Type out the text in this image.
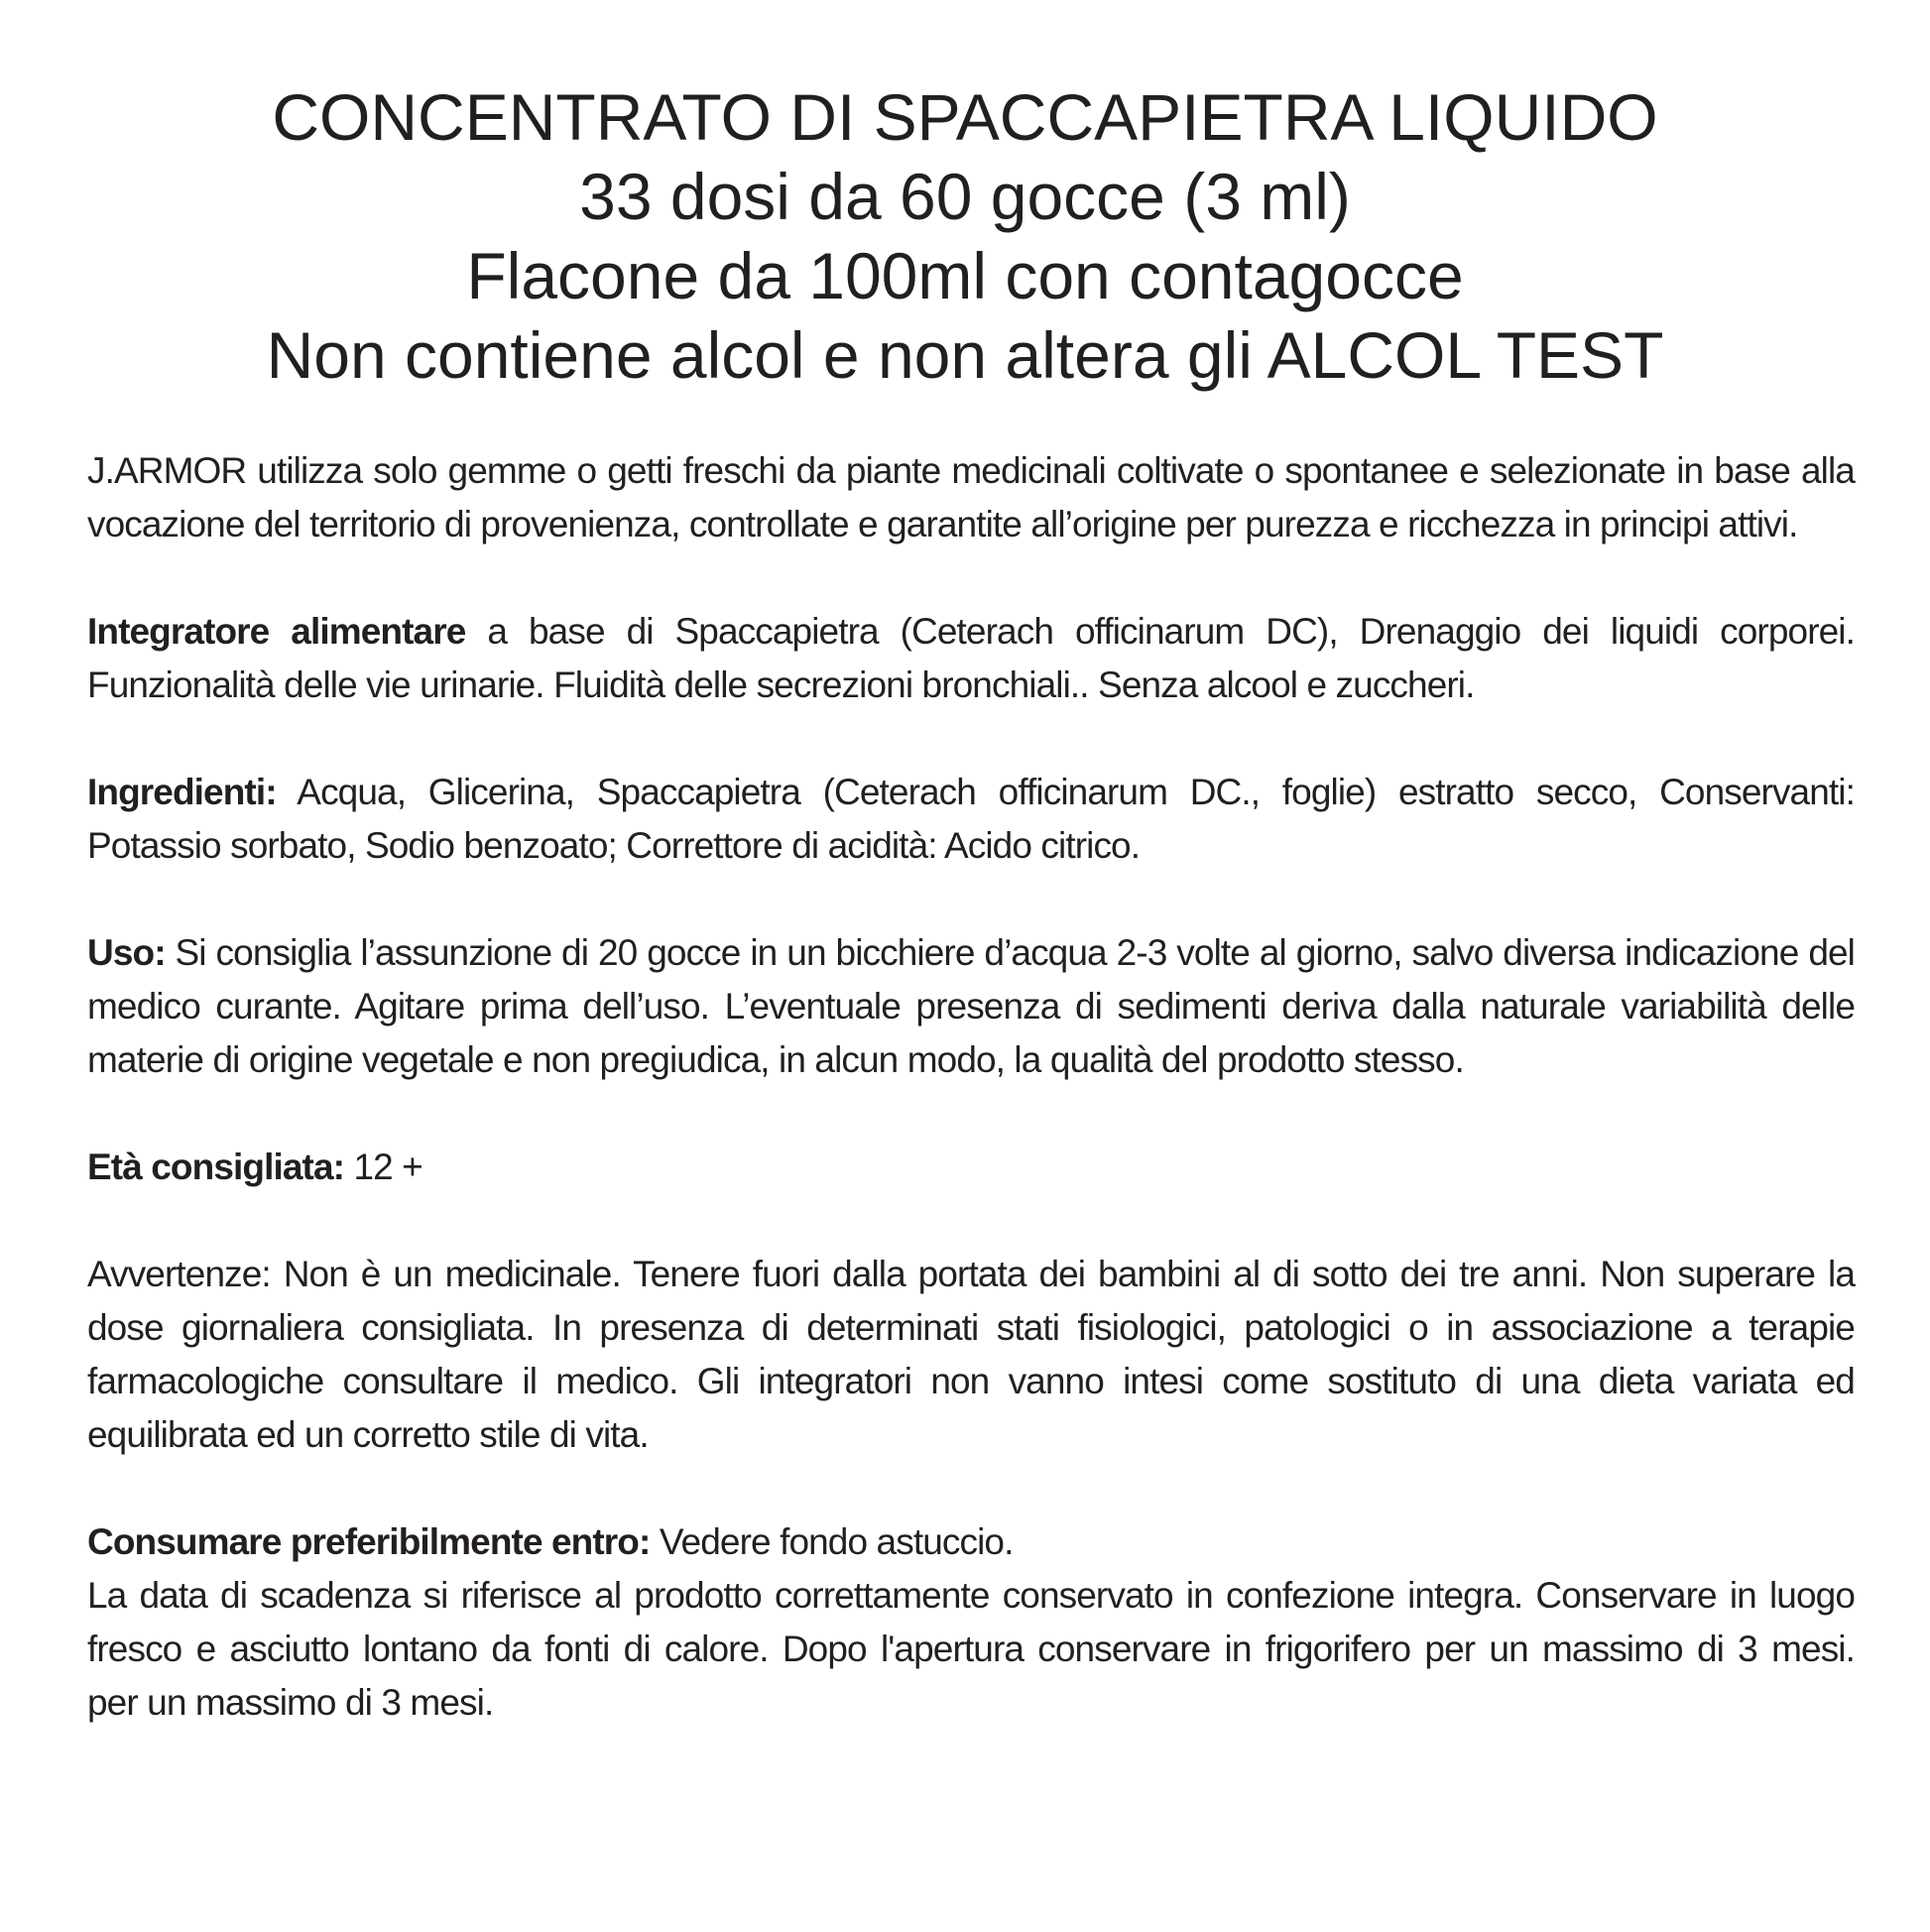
CONCENTRATO DI SPACCAPIETRA LIQUIDO
33 dosi da 60 gocce (3 ml)
Flacone da 100ml con contagocce
Non contiene alcol e non altera gli ALCOL TEST

J.ARMOR utilizza solo gemme o getti freschi da piante medicinali coltivate o spontanee e selezionate in base alla vocazione del territorio di provenienza, controllate e garantite all’origine per purezza e ricchezza in principi attivi.

Integratore alimentare a base di Spaccapietra (Ceterach officinarum DC), Drenaggio dei liquidi corporei. Funzionalità delle vie urinarie. Fluidità delle secrezioni bronchiali.. Senza alcool e zuccheri.

Ingredienti: Acqua, Glicerina, Spaccapietra (Ceterach officinarum DC., foglie) estratto secco, Conservanti: Potassio sorbato, Sodio benzoato; Correttore di acidità: Acido citrico.

Uso: Si consiglia l’assunzione di 20 gocce in un bicchiere d’acqua 2-3 volte al giorno, salvo diversa indicazione del medico curante. Agitare prima dell’uso. L’eventuale presenza di sedimenti deriva dalla naturale variabilità delle materie di origine vegetale e non pregiudica, in alcun modo, la qualità del prodotto stesso.

Età consigliata: 12 +

Avvertenze: Non è un medicinale. Tenere fuori dalla portata dei bambini al di sotto dei tre anni. Non superare la dose giornaliera consigliata. In presenza di determinati stati fisiologici, patologici o in associazione a terapie farmacologiche consultare il medico. Gli integratori non vanno intesi come sostituto di una dieta variata ed equilibrata ed un corretto stile di vita.

Consumare preferibilmente entro: Vedere fondo astuccio.

La data di scadenza si riferisce al prodotto correttamente conservato in confezione integra. Conservare in luogo fresco e asciutto lontano da fonti di calore. Dopo l'apertura conservare in frigorifero per un massimo di 3 mesi.      per un massimo di 3 mesi.
